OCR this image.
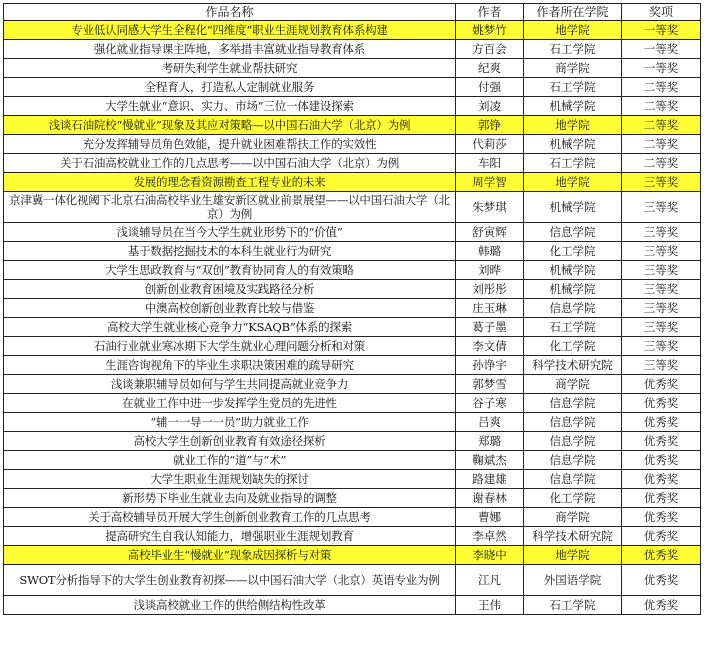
作品名称	作者	作者所在学院	奖项
专业低认同感大学生全程化“四维度”职业生涯规划教育体系构建	姚梦竹	地学院	一等奖
强化就业指导课主阵地，多举措丰富就业指导教育体系	方百会	石工学院	一等奖
考研失利学生就业帮扶研究	纪爽	商学院	一等奖
全程育人，打造私人定制就业服务	付强	石工学院	二等奖
大学生就业“意识、实力、市场”三位一体建设探索	刘凌	机械学院	二等奖
浅谈石油院校“慢就业”现象及其应对策略—以中国石油大学（北京）为例	郭铮	地学院	二等奖
充分发挥辅导员角色效能，提升就业困难帮扶工作的实效性	代莉莎	机械学院	二等奖
关于石油高校就业工作的几点思考——以中国石油大学（北京）为例	车阳	石工学院	二等奖
发展的理念看资源勘查工程专业的未来	周学智	地学院	三等奖
京津冀一体化视阈下北京石油高校毕业生雄安新区就业前景展望——以中国石油大学（北京）为例	朱梦琪	机械学院	三等奖
浅谈辅导员在当今大学生就业形势下的“价值”	舒寅辉	信息学院	三等奖
基于数据挖掘技术的本科生就业行为研究	韩璐	化工学院	三等奖
大学生思政教育与“双创”教育协同育人的有效策略	刘晔	机械学院	三等奖
创新创业教育困境及实践路径分析	刘彤彤	机械学院	三等奖
中澳高校创新创业教育比较与借鉴	庄玉琳	信息学院	三等奖
高校大学生就业核心竞争力“KSAQB”体系的探索	葛子墨	石工学院	三等奖
石油行业就业寒冰期下大学生就业心理问题分析和对策	李文倩	化工学院	三等奖
生涯咨询视角下的毕业生求职决策困难的疏导研究	孙诤宇	科学技术研究院	三等奖
浅谈兼职辅导员如何与学生共同提高就业竞争力	郭梦雪	商学院	优秀奖
在就业工作中进一步发挥学生党员的先进性	谷子寒	信息学院	优秀奖
“辅一一导一一员”助力就业工作	吕爽	信息学院	优秀奖
高校大学生创新创业教育有效途径探析	郑璐	信息学院	优秀奖
就业工作的“道”与“术”	鞠斌杰	信息学院	优秀奖
大学生职业生涯规划缺失的探讨	路建雄	信息学院	优秀奖
新形势下毕业生就业去向及就业指导的调整	谢春林	化工学院	优秀奖
关于高校辅导员开展大学生创新创业教育工作的几点思考	曹娜	商学院	优秀奖
提高研究生自我认知能力，增强职业生涯规划教育	李卓然	科学技术研究院	优秀奖
高校毕业生“慢就业”现象成因探析与对策	李晓中	地学院	优秀奖
SWOT分析指导下的大学生创业教育初探——以中国石油大学（北京）英语专业为例	江凡	外国语学院	优秀奖
浅谈高校就业工作的供给侧结构性改革	王伟	石工学院	优秀奖
